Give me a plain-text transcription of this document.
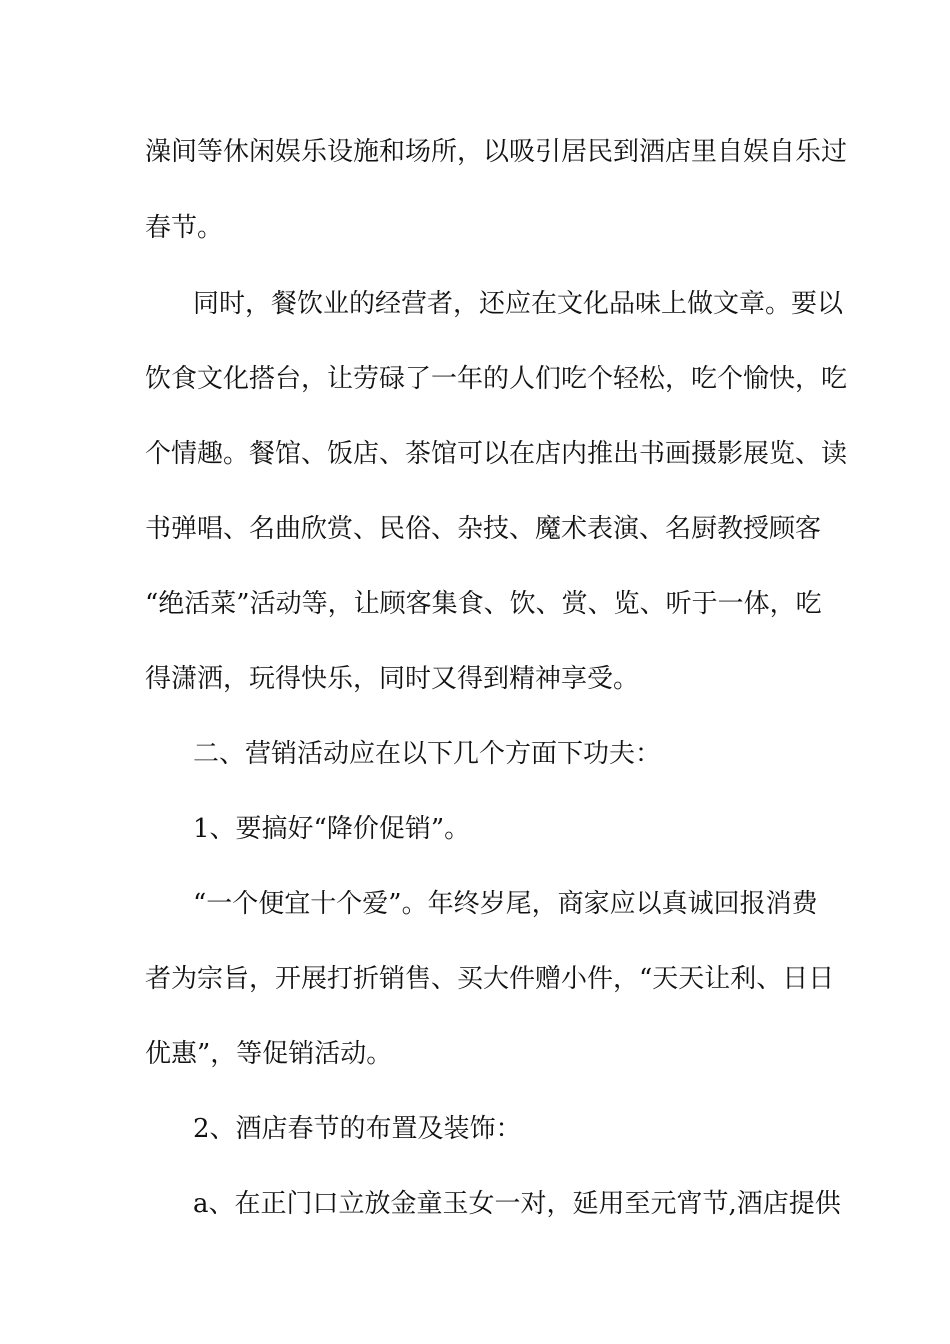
澡间等休闲娱乐设施和场所，以吸引居民到酒店里自娱自乐过
春节。
同时，餐饮业的经营者，还应在文化品味上做文章。要以
饮食文化搭台，让劳碌了一年的人们吃个轻松，吃个愉快，吃
个情趣。餐馆、饭店、茶馆可以在店内推出书画摄影展览、读
书弹唱、名曲欣赏、民俗、杂技、魔术表演、名厨教授顾客
“绝活菜”活动等，让顾客集食、饮、赏、览、听于一体，吃
得潇洒，玩得快乐，同时又得到精神享受。
二、营销活动应在以下几个方面下功夫：
1、要搞好“降价促销”。
“一个便宜十个爱”。年终岁尾，商家应以真诚回报消费
者为宗旨，开展打折销售、买大件赠小件，“天天让利、日日
优惠”，等促销活动。
2、酒店春节的布置及装饰：
a、在正门口立放金童玉女一对，延用至元宵节,酒店提供
